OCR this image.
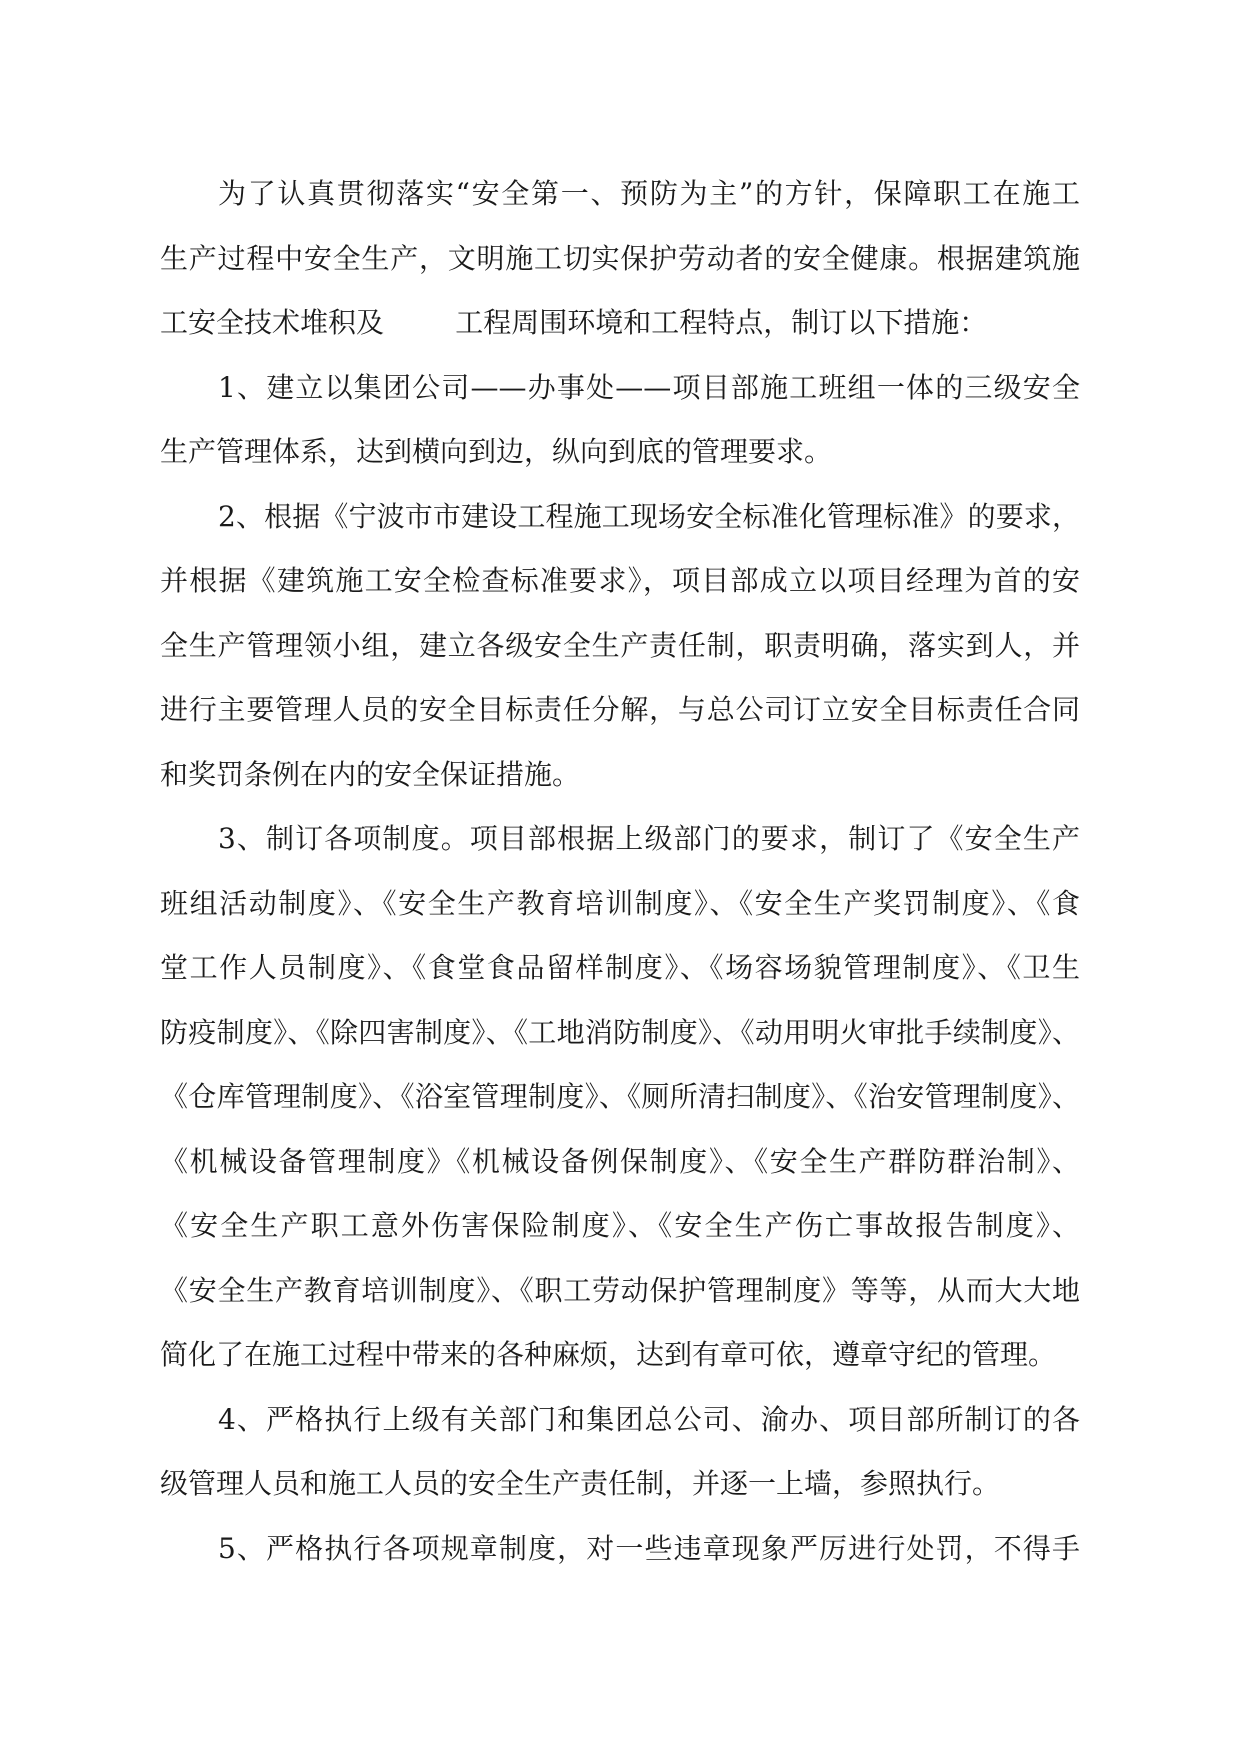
为了认真贯彻落实“安全第一、预防为主”的方针，保障职工在施工
生产过程中安全生产，文明施工切实保护劳动者的安全健康。根据建筑施
工安全技术堆积及        工程周围环境和工程特点，制订以下措施：
1、建立以集团公司——办事处——项目部施工班组一体的三级安全
生产管理体系，达到横向到边，纵向到底的管理要求。
2、根据《宁波市市建设工程施工现场安全标准化管理标准》的要求，
并根据《建筑施工安全检查标准要求》，项目部成立以项目经理为首的安
全生产管理领小组，建立各级安全生产责任制，职责明确，落实到人，并
进行主要管理人员的安全目标责任分解，与总公司订立安全目标责任合同
和奖罚条例在内的安全保证措施。
3、制订各项制度。项目部根据上级部门的要求，制订了《安全生产
班组活动制度》、《安全生产教育培训制度》、《安全生产奖罚制度》、《食
堂工作人员制度》、《食堂食品留样制度》、《场容场貌管理制度》、《卫生
防疫制度》、《除四害制度》、《工地消防制度》、《动用明火审批手续制度》、
《仓库管理制度》、《浴室管理制度》、《厕所清扫制度》、《治安管理制度》、
《机械设备管理制度》《机械设备例保制度》、《安全生产群防群治制》、
《安全生产职工意外伤害保险制度》、《安全生产伤亡事故报告制度》、
《安全生产教育培训制度》、《职工劳动保护管理制度》等等，从而大大地
简化了在施工过程中带来的各种麻烦，达到有章可依，遵章守纪的管理。
4、严格执行上级有关部门和集团总公司、渝办、项目部所制订的各
级管理人员和施工人员的安全生产责任制，并逐一上墙，参照执行。
5、严格执行各项规章制度，对一些违章现象严厉进行处罚，不得手
